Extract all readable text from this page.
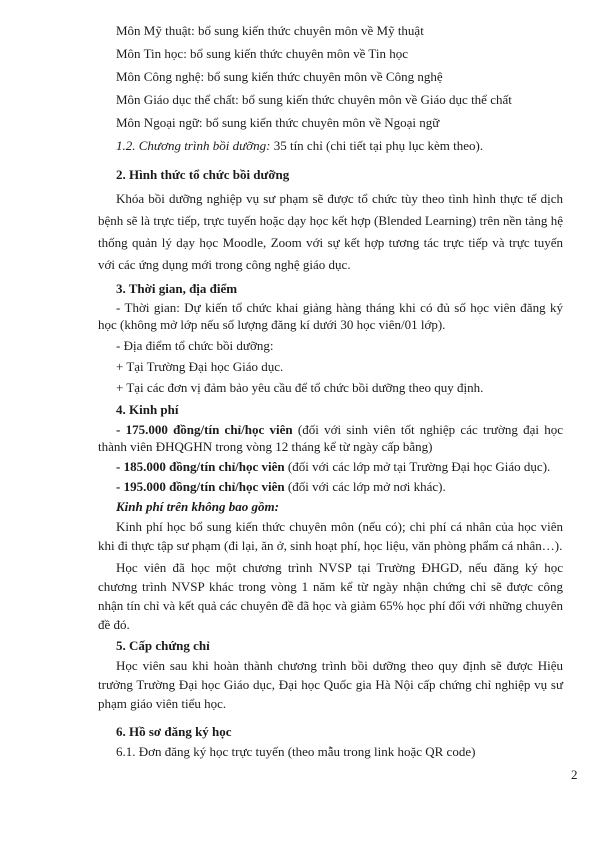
Môn Mỹ thuật: bổ sung kiến thức chuyên môn về Mỹ thuật

Môn Tin học: bổ sung kiến thức chuyên môn về Tin học

Môn Công nghệ: bổ sung kiến thức chuyên môn về Công nghệ

Môn Giáo dục thể chất: bổ sung kiến thức chuyên môn về Giáo dục thể chất

Môn Ngoại ngữ: bổ sung kiến thức chuyên môn về Ngoại ngữ

1.2. Chương trình bồi dưỡng: 35 tín chỉ (chi tiết tại phụ lục kèm theo).

2. Hình thức tổ chức bồi dưỡng

Khóa bồi dưỡng nghiệp vụ sư phạm sẽ được tổ chức tùy theo tình hình thực tế dịch bệnh sẽ là trực tiếp, trực tuyến hoặc dạy học kết hợp (Blended Learning) trên nền tảng hệ thống quản lý dạy học Moodle, Zoom với sự kết hợp tương tác trực tiếp và trực tuyến với các ứng dụng mới trong công nghệ giáo dục.

3. Thời gian, địa điểm

- Thời gian: Dự kiến tổ chức khai giảng hàng tháng khi có đủ số học viên đăng ký học (không mở lớp nếu số lượng đăng kí dưới 30 học viên/01 lớp).

- Địa điểm tổ chức bồi dưỡng:

+ Tại Trường Đại học Giáo dục.

+ Tại các đơn vị đảm bảo yêu cầu để tổ chức bồi dưỡng theo quy định.

4. Kinh phí

- 175.000 đồng/tín chỉ/học viên (đối với sinh viên tốt nghiệp các trường đại học thành viên ĐHQGHN trong vòng 12 tháng kể từ ngày cấp bằng)

- 185.000 đồng/tín chỉ/học viên (đối với các lớp mở tại Trường Đại học Giáo dục).

- 195.000 đồng/tín chỉ/học viên (đối với các lớp mở nơi khác).

Kinh phí trên không bao gồm:

Kinh phí học bổ sung kiến thức chuyên môn (nếu có); chi phí cá nhân của học viên khi đi thực tập sư phạm (đi lại, ăn ở, sinh hoạt phí, học liệu, văn phòng phẩm cá nhân…).

Học viên đã học một chương trình NVSP tại Trường ĐHGD, nếu đăng ký học chương trình NVSP khác trong vòng 1 năm kể từ ngày nhận chứng chỉ sẽ được công nhận tín chỉ và kết quả các chuyên đề đã học và giảm 65% học phí đối với những chuyên đề đó.

5. Cấp chứng chỉ

Học viên sau khi hoàn thành chương trình bồi dưỡng theo quy định sẽ được Hiệu trưởng Trường Đại học Giáo dục, Đại học Quốc gia Hà Nội cấp chứng chỉ nghiệp vụ sư phạm giáo viên tiểu học.

6. Hồ sơ đăng ký học

6.1. Đơn đăng ký học trực tuyến (theo mẫu trong link hoặc QR code)

2
